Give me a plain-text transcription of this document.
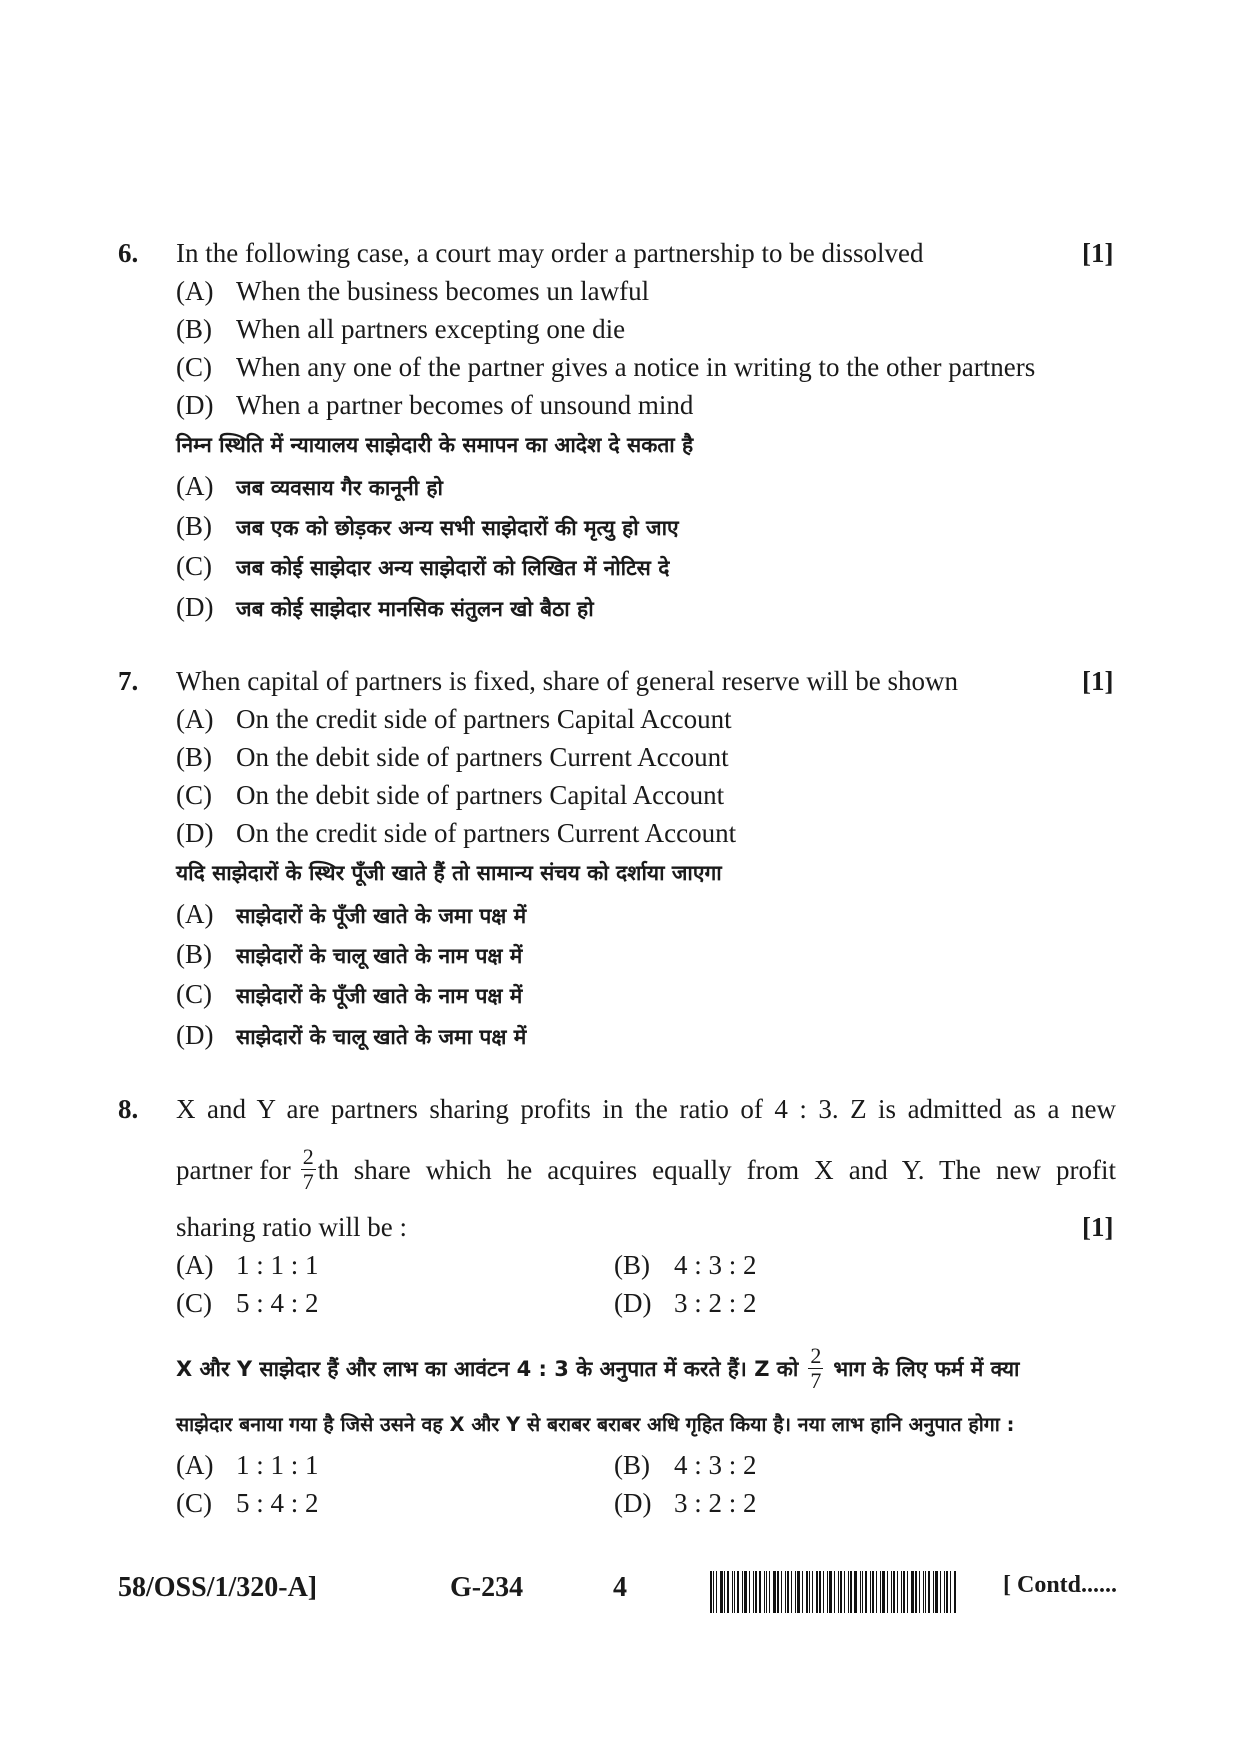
6. In the following case, a court may order a partnership to be dissolved	[1]
(A) When the business becomes un lawful
(B) When all partners excepting one die
(C) When any one of the partner gives a notice in writing to the other partners
(D) When a partner becomes of unsound mind
निम्न स्थिति में न्यायालय साझेदारी के समापन का आदेश दे सकता है
(A) जब व्यवसाय गैर कानूनी हो
(B) जब एक को छोड़कर अन्य सभी साझेदारों की मृत्यु हो जाए
(C) जब कोई साझेदार अन्य साझेदारों को लिखित में नोटिस दे
(D) जब कोई साझेदार मानसिक संतुलन खो बैठा हो
7. When capital of partners is fixed, share of general reserve will be shown	[1]
(A) On the credit side of partners Capital Account
(B) On the debit side of partners Current Account
(C) On the debit side of partners Capital Account
(D) On the credit side of partners Current Account
यदि साझेदारों के स्थिर पूँजी खाते हैं तो सामान्य संचय को दर्शाया जाएगा
(A) साझेदारों के पूँजी खाते के जमा पक्ष में
(B) साझेदारों के चालू खाते के नाम पक्ष में
(C) साझेदारों के पूँजी खाते के नाम पक्ष में
(D) साझेदारों के चालू खाते के जमा पक्ष में
8. X and Y are partners sharing profits in the ratio of 4 : 3. Z is admitted as a new
partner for $\frac{2}{7}$ th share which he acquires equally from X and Y. The new profit
sharing ratio will be :	[1]
(A) 1 : 1 : 1	(B) 4 : 3 : 2
(C) 5 : 4 : 2	(D) 3 : 2 : 2
X और Y साझेदार हैं और लाभ का आवंटन 4 : 3 के अनुपात में करते हैं। Z को $\frac{2}{7}$ भाग के लिए फर्म में क्या
साझेदार बनाया गया है जिसे उसने वह X और Y से बराबर बराबर अधि गृहित किया है। नया लाभ हानि अनुपात होगा :
(A) 1 : 1 : 1	(B) 4 : 3 : 2
(C) 5 : 4 : 2	(D) 3 : 2 : 2
58/OSS/1/320-A]	G-234	4	[ Contd......
